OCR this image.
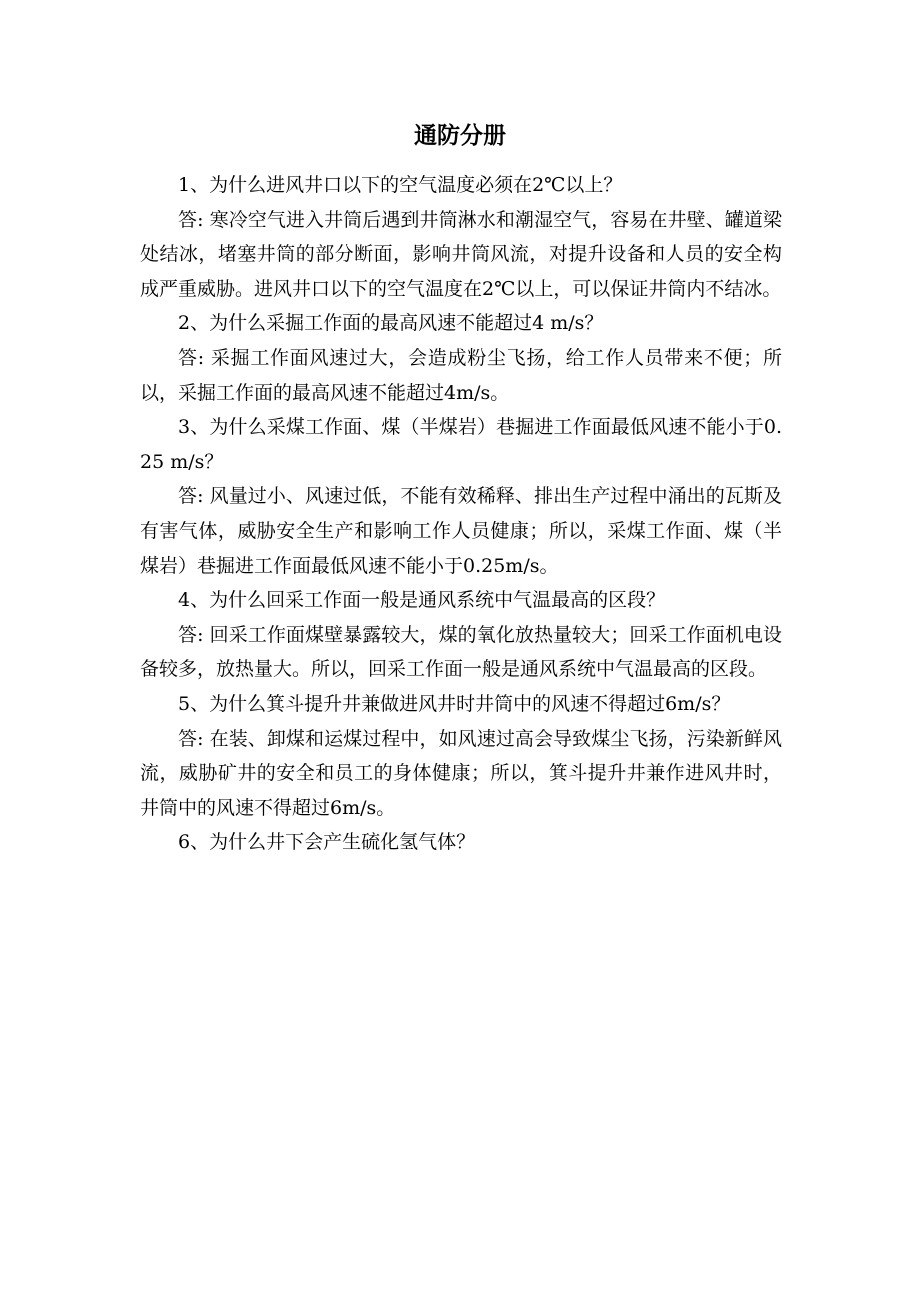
通防分册

1、为什么进风井口以下的空气温度必须在2℃以上？

答: 寒冷空气进入井筒后遇到井筒淋水和潮湿空气，容易在井壁、罐道梁处结冰，堵塞井筒的部分断面，影响井筒风流，对提升设备和人员的安全构成严重威胁。进风井口以下的空气温度在2℃以上，可以保证井筒内不结冰。

2、为什么采掘工作面的最高风速不能超过4 m/s？

答: 采掘工作面风速过大，会造成粉尘飞扬，给工作人员带来不便；所以，采掘工作面的最高风速不能超过4m/s。

3、为什么采煤工作面、煤（半煤岩）巷掘进工作面最低风速不能小于0.25 m/s？

答: 风量过小、风速过低，不能有效稀释、排出生产过程中涌出的瓦斯及有害气体，威胁安全生产和影响工作人员健康；所以，采煤工作面、煤（半煤岩）巷掘进工作面最低风速不能小于0.25m/s。

4、为什么回采工作面一般是通风系统中气温最高的区段？

答: 回采工作面煤壁暴露较大，煤的氧化放热量较大；回采工作面机电设备较多，放热量大。所以，回采工作面一般是通风系统中气温最高的区段。

5、为什么箕斗提升井兼做进风井时井筒中的风速不得超过6m/s？

答: 在装、卸煤和运煤过程中，如风速过高会导致煤尘飞扬，污染新鲜风流，威胁矿井的安全和员工的身体健康；所以，箕斗提升井兼作进风井时，井筒中的风速不得超过6m/s。

6、为什么井下会产生硫化氢气体？
